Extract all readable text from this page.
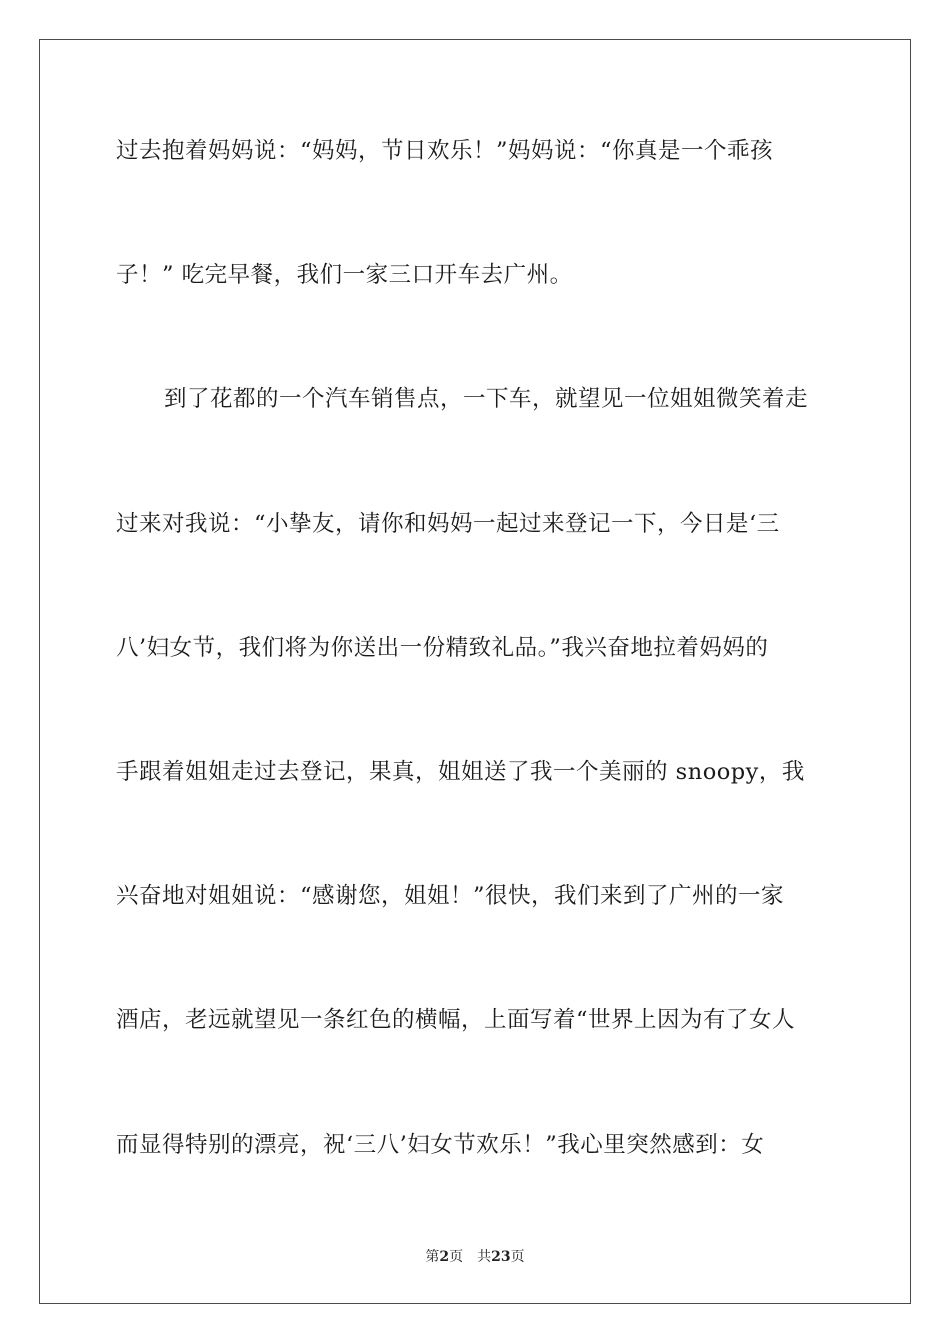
过去抱着妈妈说：“妈妈，节日欢乐！”妈妈说：“你真是一个乖孩
子！” 吃完早餐，我们一家三口开车去广州。
到了花都的一个汽车销售点，一下车，就望见一位姐姐微笑着走
过来对我说：“小挚友，请你和妈妈一起过来登记一下，今日是‘三
八’妇女节，我们将为你送出一份精致礼品。”我兴奋地拉着妈妈的
手跟着姐姐走过去登记，果真，姐姐送了我一个美丽的 snoopy，我
兴奋地对姐姐说：“感谢您，姐姐！”很快，我们来到了广州的一家
酒店，老远就望见一条红色的横幅，上面写着“世界上因为有了女人
而显得特别的漂亮，祝‘三八’妇女节欢乐！”我心里突然感到：女
第2页 共23页
